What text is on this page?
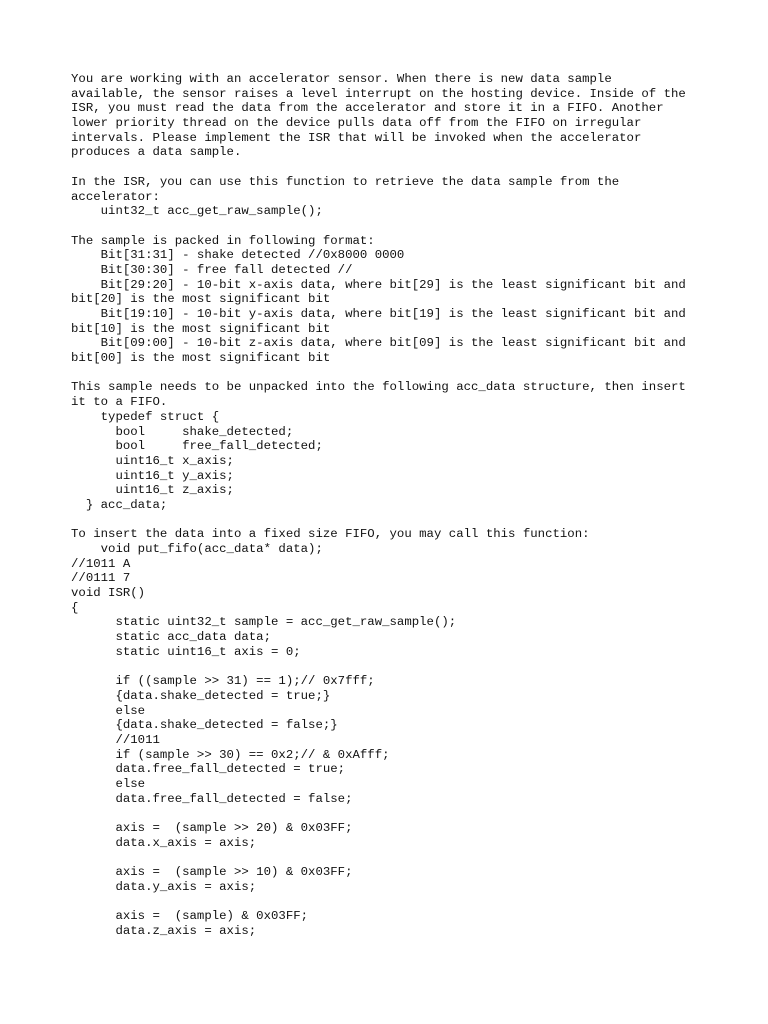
You are working with an accelerator sensor. When there is new data sample
available, the sensor raises a level interrupt on the hosting device. Inside of the
ISR, you must read the data from the accelerator and store it in a FIFO. Another
lower priority thread on the device pulls data off from the FIFO on irregular
intervals. Please implement the ISR that will be invoked when the accelerator
produces a data sample.
In the ISR, you can use this function to retrieve the data sample from the
accelerator:
uint32_t acc_get_raw_sample();
The sample is packed in following format:
Bit[31:31] - shake detected //0x8000 0000
Bit[30:30] - free fall detected //
Bit[29:20] - 10-bit x-axis data, where bit[29] is the least significant bit and
bit[20] is the most significant bit
Bit[19:10] - 10-bit y-axis data, where bit[19] is the least significant bit and
bit[10] is the most significant bit
Bit[09:00] - 10-bit z-axis data, where bit[09] is the least significant bit and
bit[00] is the most significant bit
This sample needs to be unpacked into the following acc_data structure, then insert
it to a FIFO.
typedef struct {
bool     shake_detected;
bool     free_fall_detected;
uint16_t x_axis;
uint16_t y_axis;
uint16_t z_axis;
} acc_data;
To insert the data into a fixed size FIFO, you may call this function:
void put_fifo(acc_data* data);
//1011 A
//0111 7
void ISR()
{
static uint32_t sample = acc_get_raw_sample();
static acc_data data;
static uint16_t axis = 0;
if ((sample >> 31) == 1);// 0x7fff;
{data.shake_detected = true;}
else
{data.shake_detected = false;}
//1011
if (sample >> 30) == 0x2;// & 0xAfff;
data.free_fall_detected = true;
else
data.free_fall_detected = false;
axis =  (sample >> 20) & 0x03FF;
data.x_axis = axis;
axis =  (sample >> 10) & 0x03FF;
data.y_axis = axis;
axis =  (sample) & 0x03FF;
data.z_axis = axis;
